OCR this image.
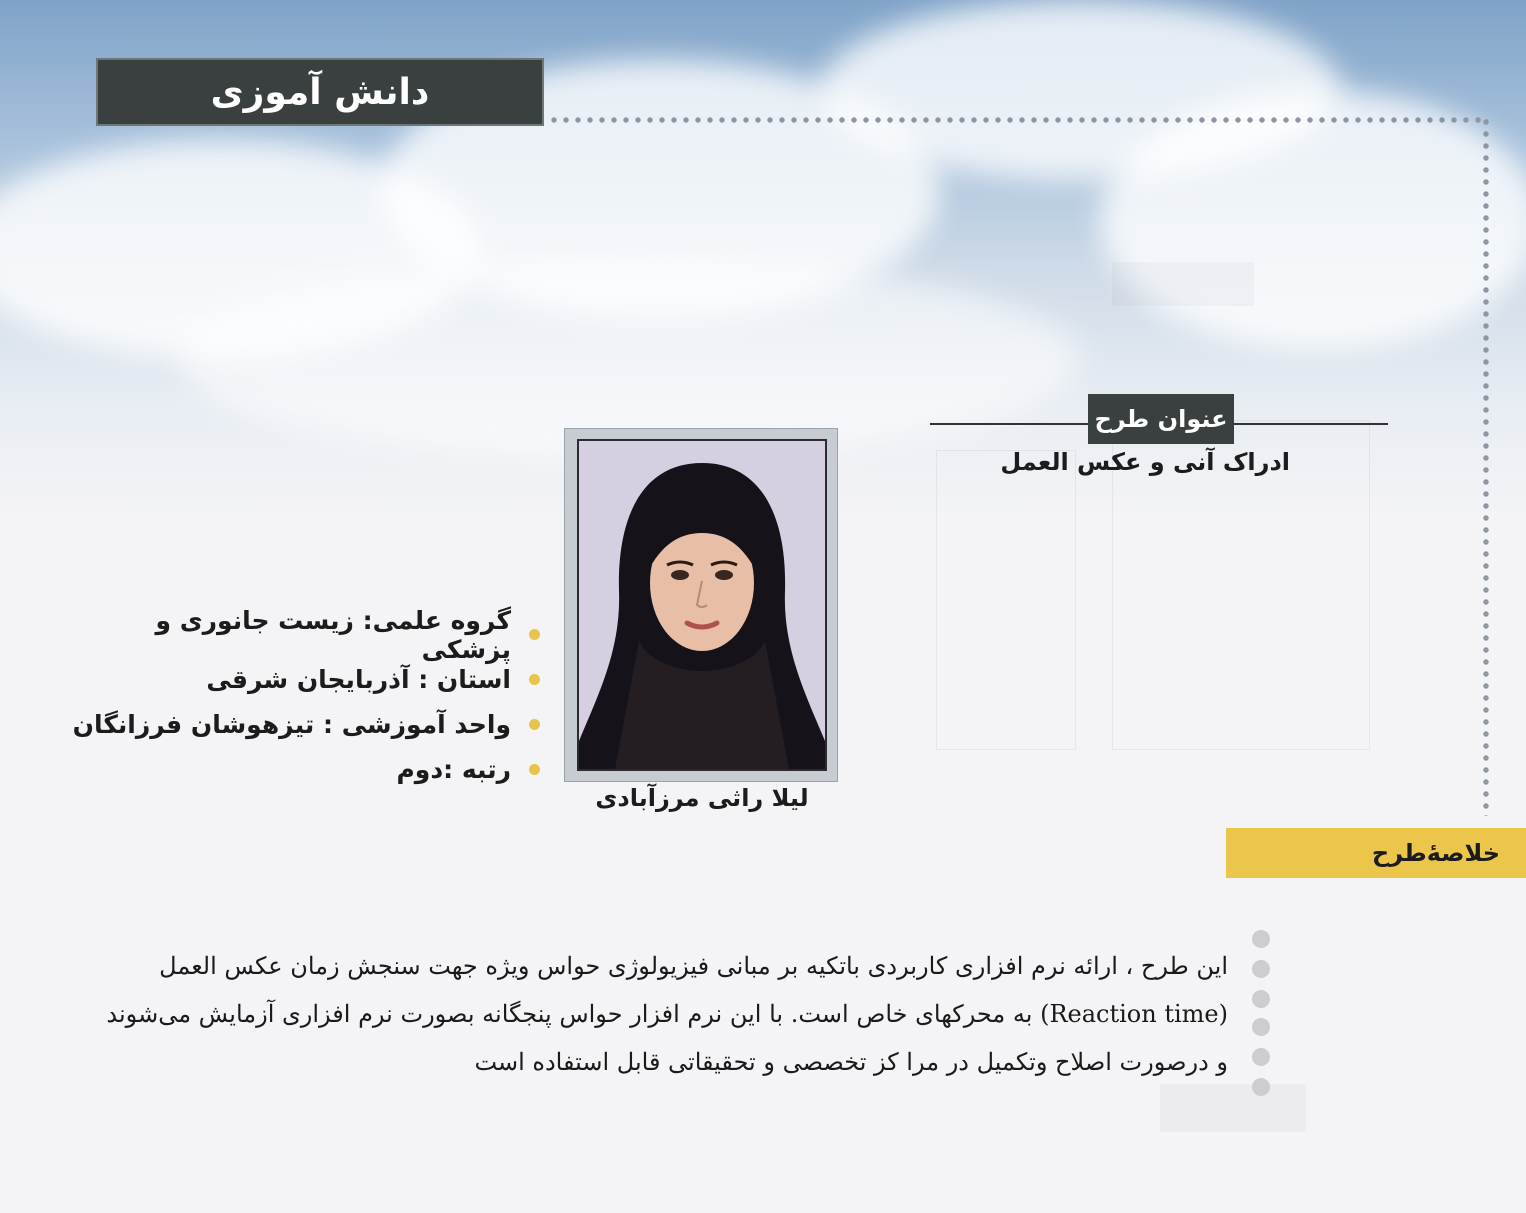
دانش آموزی
عنوان طرح
ادراک آنی و عکس العمل
لیلا راثی مرزآبادی
گروه علمی: زیست جانوری و پزشکی
استان : آذربایجان شرقی
واحد آموزشی : تیزهوشان فرزانگان
رتبه :دوم
خلاصۀطرح
این طرح ، ارائه نرم افزاری کاربردی باتکیه بر مبانی فیزیولوژی حواس ویژه جهت سنجش زمان عکس العمل
(Reaction time) به محرکهای خاص است. با این نرم افزار حواس پنجگانه بصورت نرم افزاری آزمایش می‌شوند
و درصورت اصلاح وتکمیل در مرا کز تخصصی و تحقیقاتی قابل استفاده است
